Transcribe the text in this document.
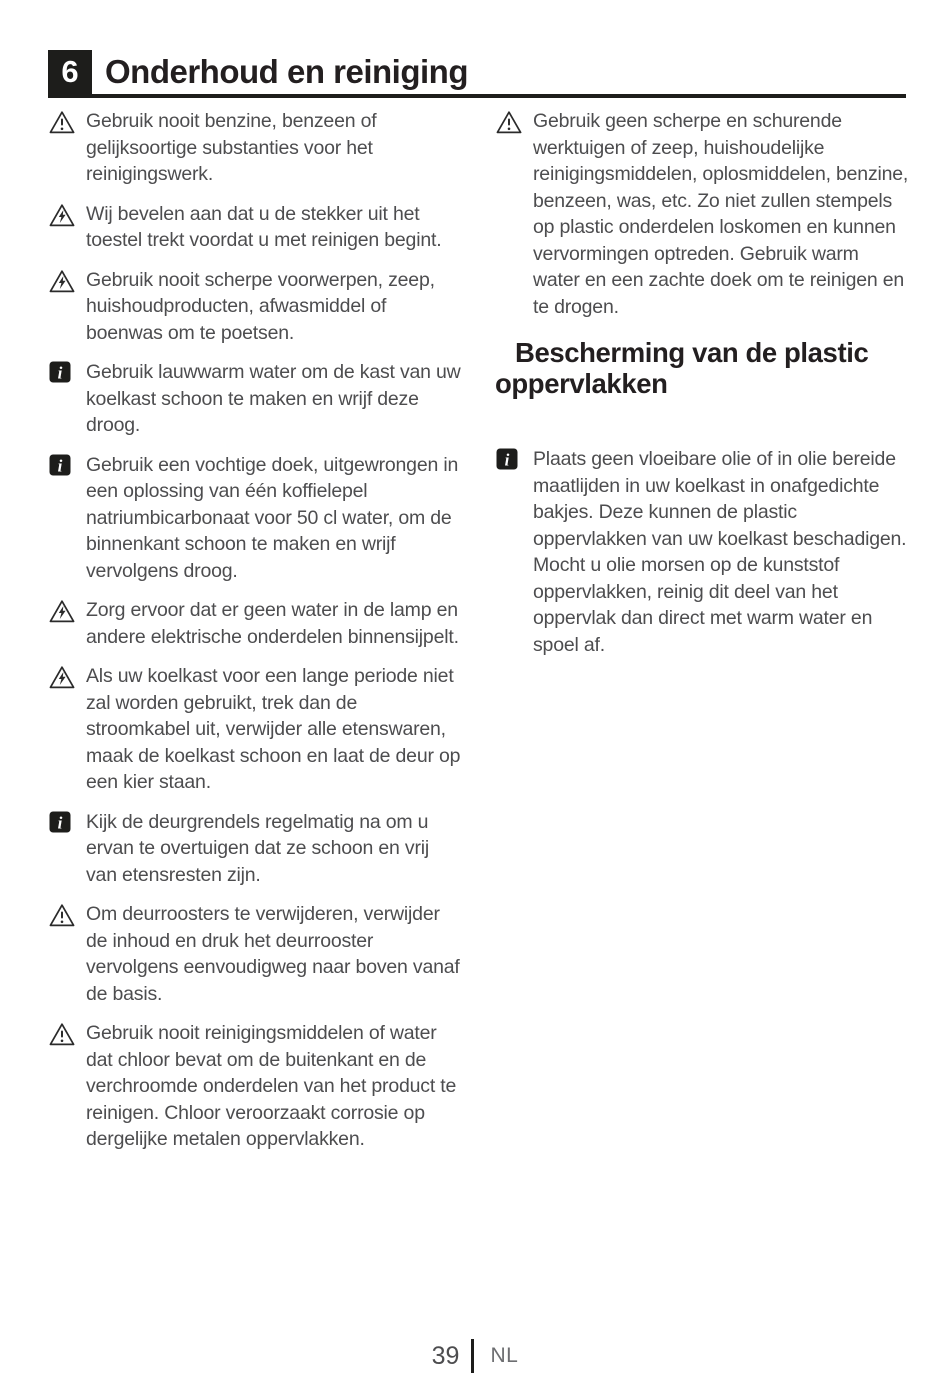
6 Onderhoud en reiniging
Gebruik nooit benzine, benzeen of gelijksoortige substanties voor het reinigingswerk.
Wij bevelen aan dat u de stekker uit het toestel trekt voordat u met reinigen begint.
Gebruik nooit scherpe voorwerpen, zeep, huishoudproducten, afwasmiddel of boenwas om te poetsen.
Gebruik lauwwarm water om de kast van uw koelkast schoon te maken en wrijf deze droog.
Gebruik een vochtige doek, uitgewrongen in een oplossing van één koffielepel natriumbicarbonaat voor 50 cl water, om de binnenkant schoon te maken en wrijf vervolgens droog.
Zorg ervoor dat er geen water in de lamp en andere elektrische onderdelen binnensijpelt.
Als uw koelkast voor een lange periode niet zal worden gebruikt, trek dan de stroomkabel uit, verwijder alle etenswaren, maak de koelkast schoon en laat de deur op een kier staan.
Kijk de deurgrendels regelmatig na om u ervan te overtuigen dat ze schoon en vrij van etensresten zijn.
Om deurroosters te verwijderen, verwijder de inhoud en druk het deurrooster vervolgens eenvoudigweg naar boven vanaf de basis.
Gebruik nooit reinigingsmiddelen of water dat chloor bevat om de buitenkant en de verchroomde onderdelen van het product te reinigen. Chloor veroorzaakt corrosie op dergelijke metalen oppervlakken.
Gebruik geen scherpe en schurende werktuigen of zeep, huishoudelijke reinigingsmiddelen, oplosmiddelen, benzine, benzeen, was, etc. Zo niet zullen stempels op plastic onderdelen loskomen en kunnen vervormingen optreden. Gebruik warm water en een zachte doek om te reinigen en te drogen.
Bescherming van de plastic oppervlakken
Plaats geen vloeibare olie of in olie bereide maatlijden in uw koelkast in onafgedichte bakjes. Deze kunnen de plastic oppervlakken van uw koelkast beschadigen. Mocht u olie morsen op de kunststof oppervlakken, reinig dit deel van het oppervlak dan direct met warm water en spoel af.
39 NL
